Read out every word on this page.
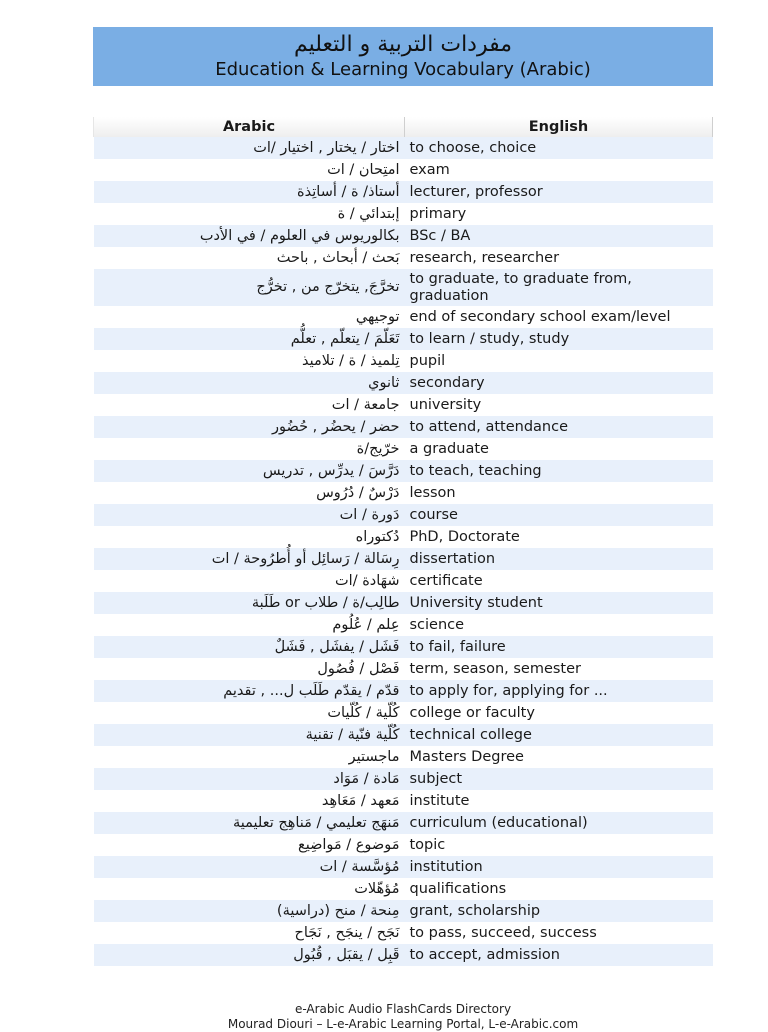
مفردات التربية و التعليم
Education & Learning Vocabulary (Arabic)
Arabic	English
اختار / يختار , اختيار /ات	to choose, choice
امتِحان / ات	exam
أستاذ/ ة / أساتِذة	lecturer, professor
إبتدائي / ة	primary
بكالوريوس في العلوم / في الأدب	BSc / BA
بَحث / أبحاث , باحث	research, researcher
تخرَّجَ, يتخرّج من , تخرُّج	to graduate, to graduate from, graduation
توجيهي	end of secondary school exam/level
تَعَلّمَ / يتعلّم , تعلُّم	to learn / study, study
تِلميذ / ة / تلاميذ	pupil
ثانوي	secondary
جامعة / ات	university
حضر / يحضُر , حُضُور	to attend, attendance
خرّيج/ة	a graduate
دَرَّسَ / يدرِّس , تدريس	to teach, teaching
دَرْسٌ / دُرُوس	lesson
دَورة / ات	course
دُكتوراه	PhD, Doctorate
رِسَالة / رَسائِل أو أُطرُوحة / ات	dissertation
شهَادة /ات	certificate
طالِب/ة / طلاب or طَلَبة	University student
عِلم / عُلُوم	science
فَشَل / يفشَل , فَشَلٌ	to fail, failure
فَصْل / فُصُول	term, season, semester
قدّم / يقدّم طَلَب ل... , تقديم	to apply for, applying for ...
كُلّية / كُلّيات	college or faculty
كُلّية فنّية / تقنية	technical college
ماجستير	Masters Degree
مَادة / مَوَاد	subject
مَعهد / مَعَاهِد	institute
مَنهَج تعليمي / مَناهِج تعليمية	curriculum (educational)
مَوضوع / مَواضِيع	topic
مُؤسَّسة / ات	institution
مُؤهّلات	qualifications
مِنحة / منح (دراسية)	grant, scholarship
نَجَح / ينجَح , نَجَاح	to pass, succeed, success
قَبِل / يقبَل , قُبُول	to accept, admission
e-Arabic Audio FlashCards Directory
Mourad Diouri – L-e-Arabic Learning Portal, L-e-Arabic.com
